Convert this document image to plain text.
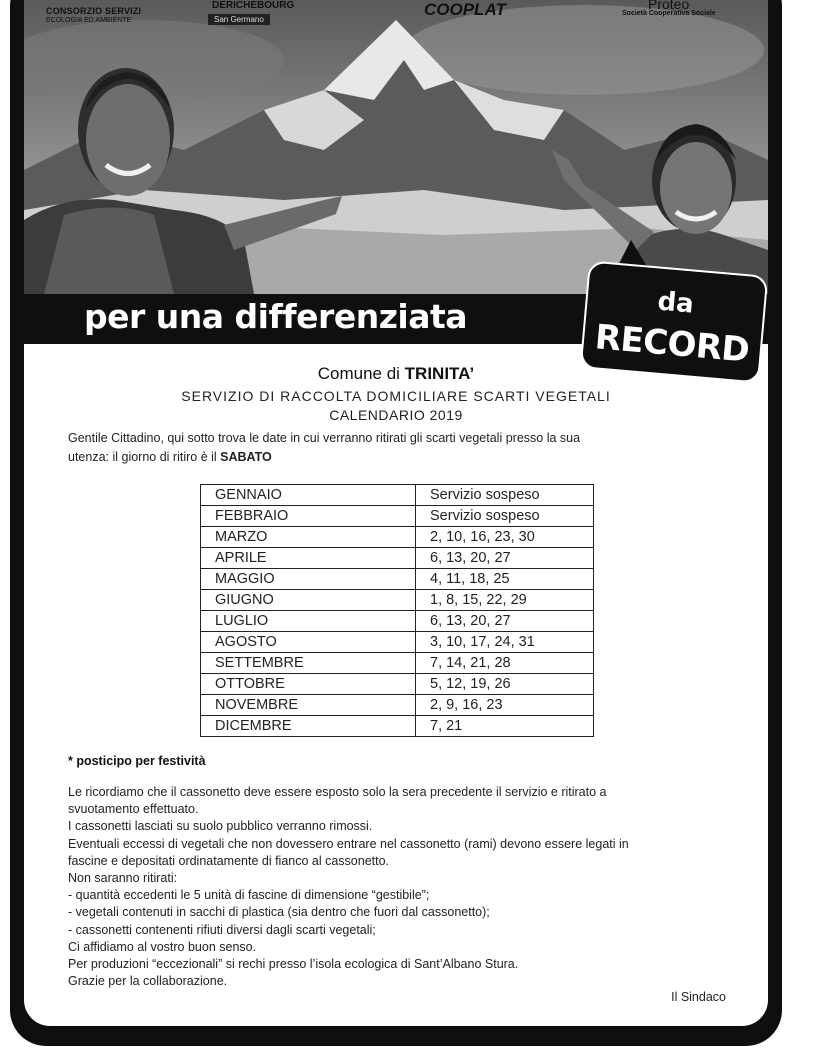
CONSORZIO SERVIZI
ECOLOGIA ED AMBIENTE
DERICHEBOURG
San Germano
COOPLAT	Proteo
Società Cooperativa Sociale
per una differenziata
Comune di TRINITA’
SERVIZIO DI RACCOLTA DOMICILIARE SCARTI VEGETALI
CALENDARIO 2019
Gentile Cittadino, qui sotto trova le date in cui verranno ritirati gli scarti vegetali presso la sua
utenza: il giorno di ritiro è il SABATO
GENNAIO	Servizio sospeso
FEBBRAIO	Servizio sospeso
MARZO	2, 10, 16, 23, 30
APRILE	6, 13, 20, 27
MAGGIO	4, 11, 18, 25
GIUGNO	1, 8, 15, 22, 29
LUGLIO	6, 13, 20, 27
AGOSTO	3, 10, 17, 24, 31
SETTEMBRE	7, 14, 21, 28
OTTOBRE	5, 12, 19, 26
NOVEMBRE	2, 9, 16, 23
DICEMBRE	7, 21
* posticipo per festività
Le ricordiamo che il cassonetto deve essere esposto solo la sera precedente il servizio e ritirato a
svuotamento effettuato.
I cassonetti lasciati su suolo pubblico verranno rimossi.
Eventuali eccessi di vegetali che non dovessero entrare nel cassonetto (rami) devono essere legati in
fascine e depositati ordinatamente di fianco al cassonetto.
Non saranno ritirati:
- quantità eccedenti le 5 unità di fascine di dimensione “gestibile”;
- vegetali contenuti in sacchi di plastica (sia dentro che fuori dal cassonetto);
- cassonetti contenenti rifiuti diversi dagli scarti vegetali;
Ci affidiamo al vostro buon senso.
Per produzioni “eccezionali” si rechi presso l’isola ecologica di Sant’Albano Stura.
Grazie per la collaborazione.
Il Sindaco
da
RECORD
